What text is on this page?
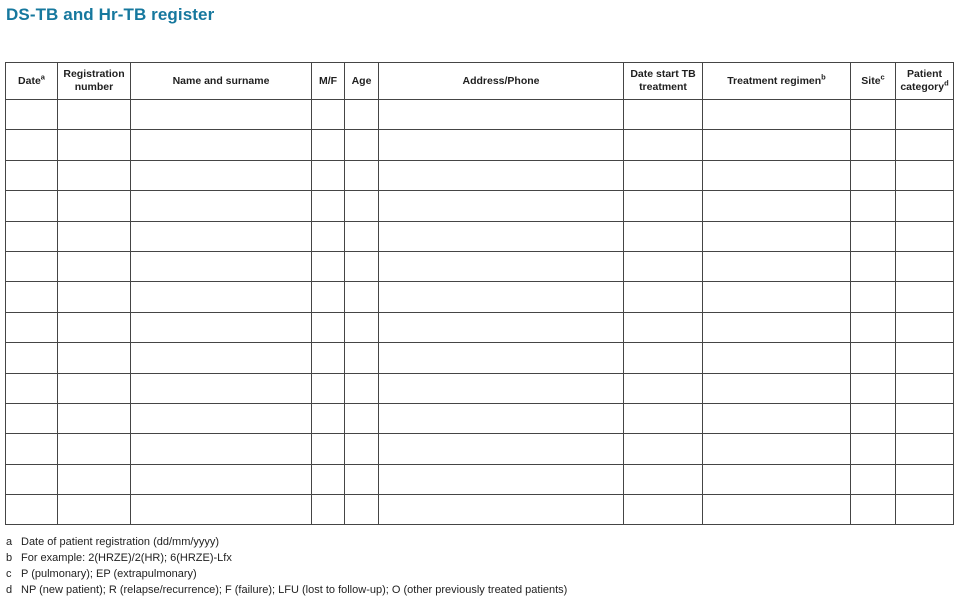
DS-TB and Hr-TB register
Date$^a$	Registration number	Name and surname	M/F	Age	Address/Phone	Date start TB treatment	Treatment regimen$^b$	Site$^c$	Patient category$^d$

a Date of patient registration (dd/mm/yyyy)
b For example: 2(HRZE)/2(HR); 6(HRZE)-Lfx
c P (pulmonary); EP (extrapulmonary)
d NP (new patient); R (relapse/recurrence); F (failure); LFU (lost to follow-up); O (other previously treated patients)
